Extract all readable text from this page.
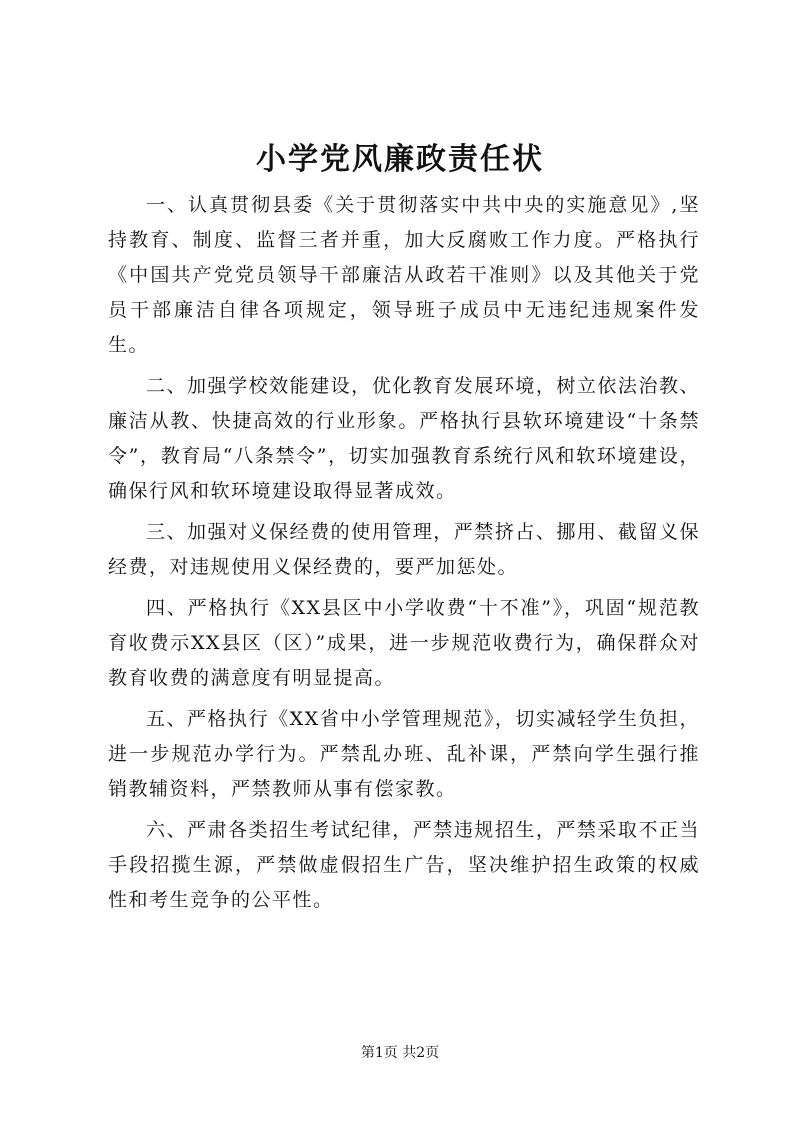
小学党风廉政责任状

一、认真贯彻县委《关于贯彻落实中共中央的实施意见》,坚持教育、制度、监督三者并重，加大反腐败工作力度。严格执行《中国共产党党员领导干部廉洁从政若干准则》以及其他关于党员干部廉洁自律各项规定，领导班子成员中无违纪违规案件发生。

二、加强学校效能建设，优化教育发展环境，树立依法治教、廉洁从教、快捷高效的行业形象。严格执行县软环境建设“十条禁令”，教育局“八条禁令”，切实加强教育系统行风和软环境建设，确保行风和软环境建设取得显著成效。

三、加强对义保经费的使用管理，严禁挤占、挪用、截留义保经费，对违规使用义保经费的，要严加惩处。

四、严格执行《XX县区中小学收费“十不准”》，巩固“规范教育收费示XX县区（区）”成果，进一步规范收费行为，确保群众对教育收费的满意度有明显提高。

五、严格执行《XX省中小学管理规范》，切实减轻学生负担，进一步规范办学行为。严禁乱办班、乱补课，严禁向学生强行推销教辅资料，严禁教师从事有偿家教。

六、严肃各类招生考试纪律，严禁违规招生，严禁采取不正当手段招揽生源，严禁做虚假招生广告，坚决维护招生政策的权威性和考生竞争的公平性。

第1页 共2页
